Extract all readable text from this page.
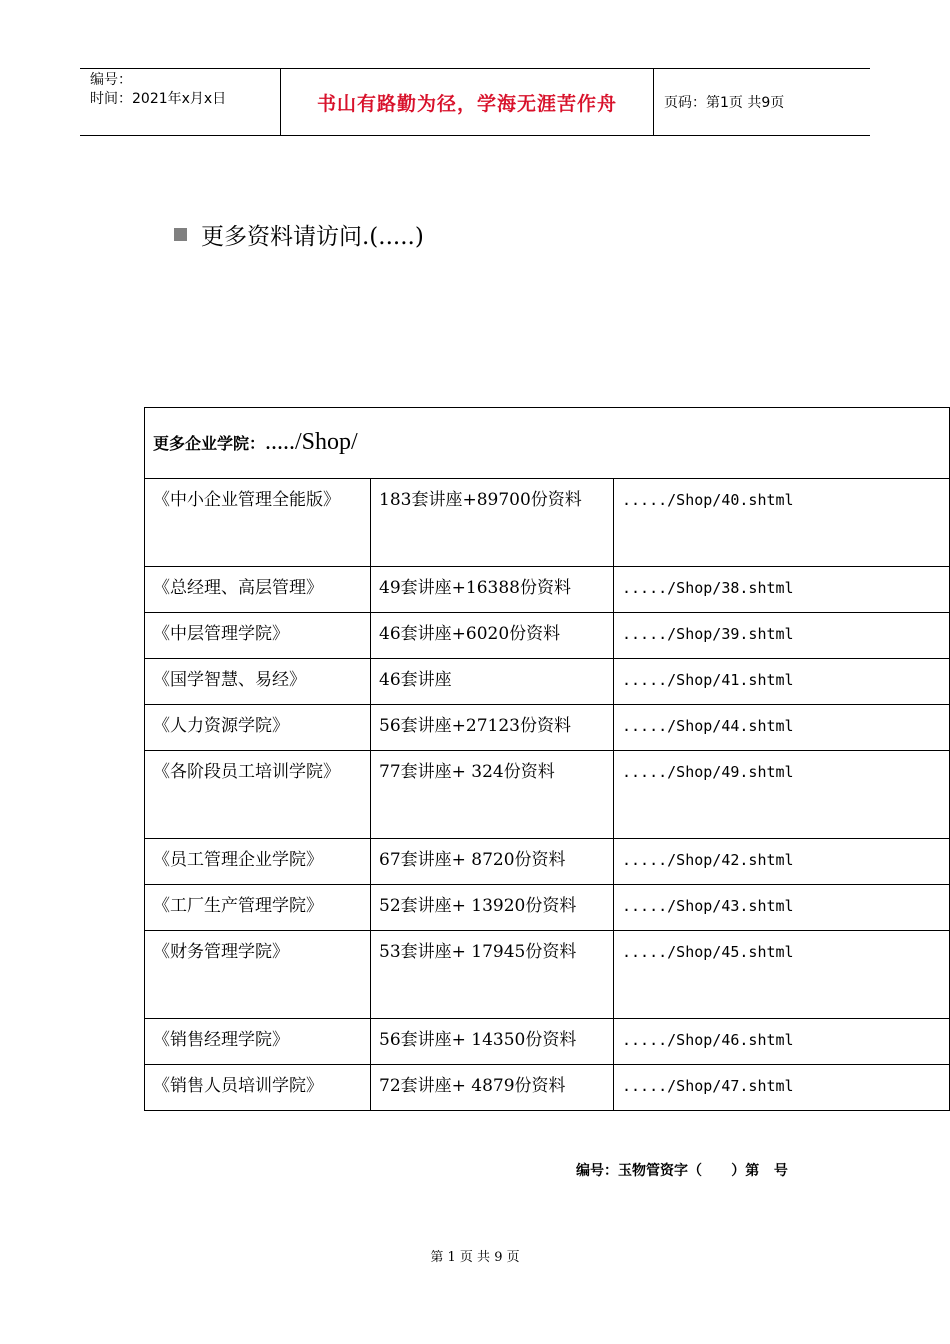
编号：
时间：2021年x月x日	书山有路勤为径，学海无涯苦作舟	页码：第1页 共9页
更多资料请访问.(.....)
更多企业学院：...../Shop/		
《中小企业管理全能版》	183套讲座+89700份资料	...../Shop/40.shtml
《总经理、高层管理》	49套讲座+16388份资料	...../Shop/38.shtml
《中层管理学院》	46套讲座+6020份资料	...../Shop/39.shtml
《国学智慧、易经》	46套讲座	...../Shop/41.shtml
《人力资源学院》	56套讲座+27123份资料	...../Shop/44.shtml
《各阶段员工培训学院》	77套讲座+ 324份资料	...../Shop/49.shtml
《员工管理企业学院》	67套讲座+ 8720份资料	...../Shop/42.shtml
《工厂生产管理学院》	52套讲座+ 13920份资料	...../Shop/43.shtml
《财务管理学院》	53套讲座+ 17945份资料	...../Shop/45.shtml
《销售经理学院》	56套讲座+ 14350份资料	...../Shop/46.shtml
《销售人员培训学院》	72套讲座+ 4879份资料	...../Shop/47.shtml
编号：玉物管资字（      ）第   号
第 1 页 共 9 页
